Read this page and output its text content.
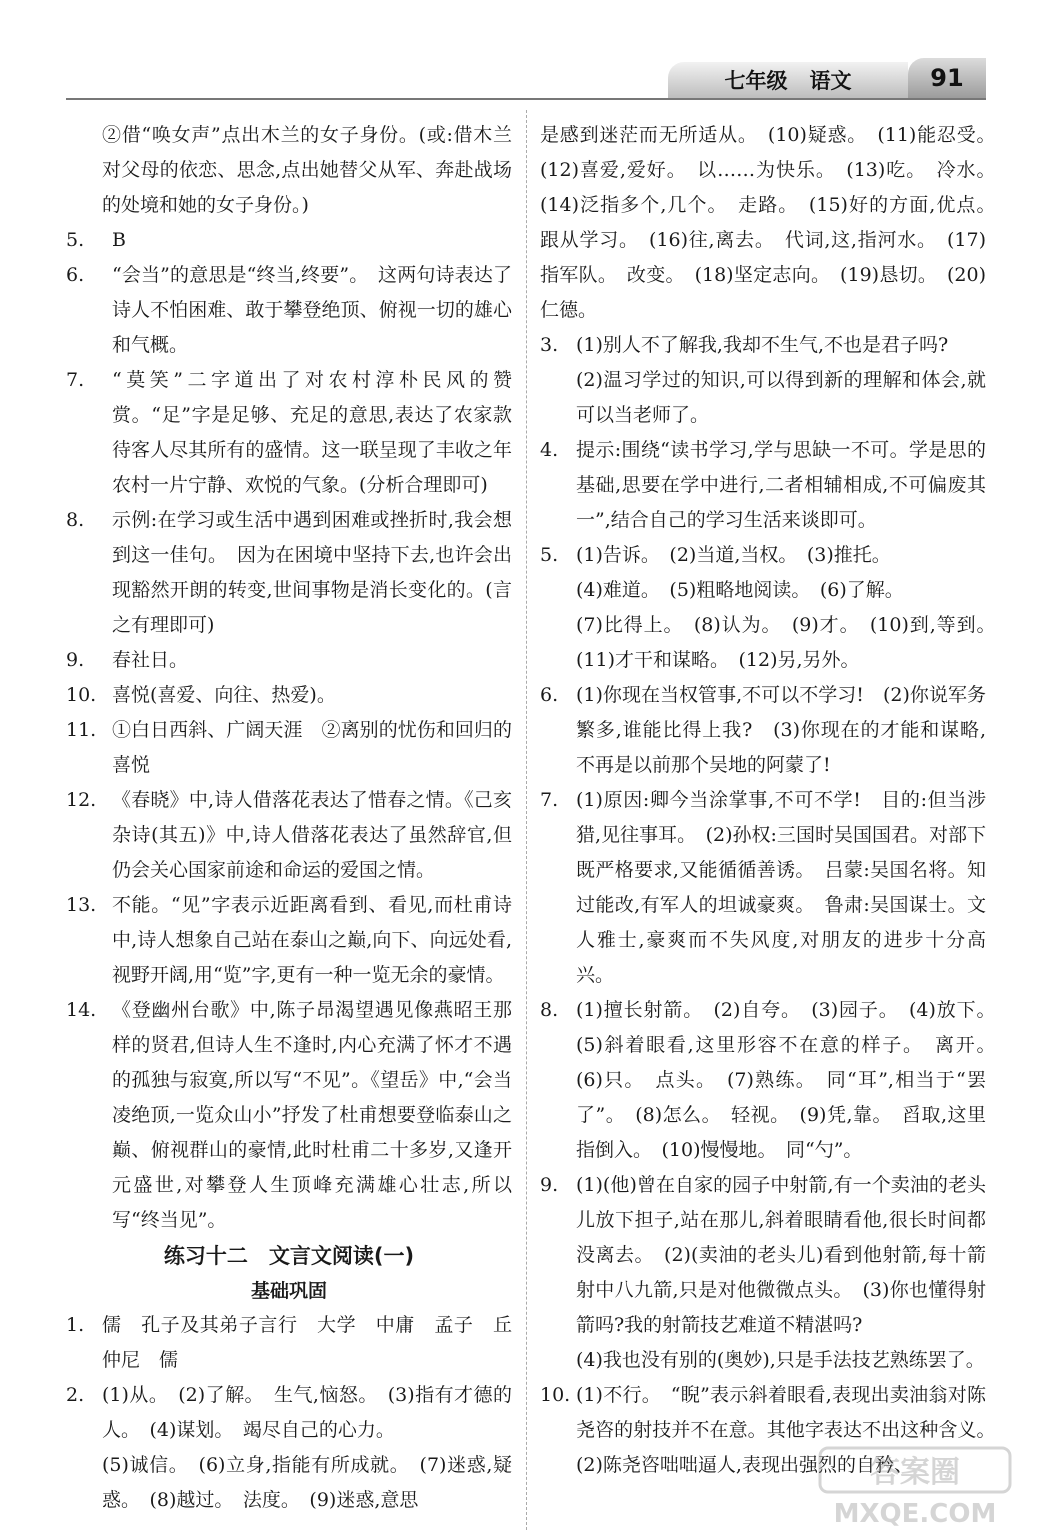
七年级 语文	91
②借“唤女声”点出木兰的女子身份。(或:借木兰对父母的依恋、思念,点出她替父从军、奔赴战场的处境和她的女子身份。)
5.	B
6.	“会当”的意思是“终当,终要”。　这两句诗表达了诗人不怕困难、敢于攀登绝顶、俯视一切的雄心和气概。
7.	“莫笑”二字道出了对农村淳朴民风的赞赏。“足”字是足够、充足的意思,表达了农家款待客人尽其所有的盛情。这一联呈现了丰收之年农村一片宁静、欢悦的气象。(分析合理即可)
8.	示例:在学习或生活中遇到困难或挫折时,我会想到这一佳句。　因为在困境中坚持下去,也许会出现豁然开朗的转变,世间事物是消长变化的。(言之有理即可)
9.	春社日。
10. 喜悦(喜爱、向往、热爱)。
11. ①白日西斜、广阔天涯　②离别的忧伤和回归的喜悦
12. 《春晓》中,诗人借落花表达了惜春之情。《己亥杂诗(其五)》中,诗人借落花表达了虽然辞官,但仍会关心国家前途和命运的爱国之情。
13. 不能。“见”字表示近距离看到、看见,而杜甫诗中,诗人想象自己站在泰山之巅,向下、向远处看,视野开阔,用“览”字,更有一种一览无余的豪情。
14. 《登幽州台歌》中,陈子昂渴望遇见像燕昭王那样的贤君,但诗人生不逢时,内心充满了怀才不遇的孤独与寂寞,所以写“不见”。《望岳》中,“会当凌绝顶,一览众山小”抒发了杜甫想要登临泰山之巅、俯视群山的豪情,此时杜甫二十多岁,又逢开元盛世,对攀登人生顶峰充满雄心壮志,所以写“终当见”。
练习十二　文言文阅读(一)
基础巩固
1. 儒　孔子及其弟子言行　大学　中庸　孟子　丘　仲尼　儒
2. (1)从。　(2)了解。　生气,恼怒。　(3)指有才德的人。　(4)谋划。　竭尽自己的心力。
(5)诚信。　(6)立身,指能有所成就。　(7)迷惑,疑惑。　(8)越过。　法度。　(9)迷惑,意思
是感到迷茫而无所适从。　(10)疑惑。　(11)能忍受。　(12)喜爱,爱好。　以……为快乐。　(13)吃。　冷水。　(14)泛指多个,几个。　走路。　(15)好的方面,优点。　跟从学习。　(16)往,离去。　代词,这,指河水。　(17)指军队。　改变。　(18)坚定志向。　(19)恳切。　(20)仁德。
3. (1)别人不了解我,我却不生气,不也是君子吗?
(2)温习学过的知识,可以得到新的理解和体会,就可以当老师了。
4. 提示:围绕“读书学习,学与思缺一不可。学是思的基础,思要在学中进行,二者相辅相成,不可偏废其一”,结合自己的学习生活来谈即可。
5. (1)告诉。　(2)当道,当权。　(3)推托。
(4)难道。　(5)粗略地阅读。　(6)了解。
(7)比得上。　(8)认为。　(9)才。　(10)到,等到。　(11)才干和谋略。　(12)另,另外。
6. (1)你现在当权管事,不可以不学习!　(2)你说军务繁多,谁能比得上我?　(3)你现在的才能和谋略,不再是以前那个吴地的阿蒙了!
7. (1)原因:卿今当涂掌事,不可不学!　目的:但当涉猎,见往事耳。　(2)孙权:三国时吴国国君。对部下既严格要求,又能循循善诱。　吕蒙:吴国名将。知过能改,有军人的坦诚豪爽。　鲁肃:吴国谋士。文人雅士,豪爽而不失风度,对朋友的进步十分高兴。
8. (1)擅长射箭。　(2)自夸。　(3)园子。　(4)放下。　(5)斜着眼看,这里形容不在意的样子。　离开。　(6)只。　点头。　(7)熟练。　同“耳”,相当于“罢了”。　(8)怎么。　轻视。　(9)凭,靠。　舀取,这里指倒入。　(10)慢慢地。　同“勺”。
9. (1)(他)曾在自家的园子中射箭,有一个卖油的老头儿放下担子,站在那儿,斜着眼睛看他,很长时间都没离去。　(2)(卖油的老头儿)看到他射箭,每十箭射中八九箭,只是对他微微点头。　(3)你也懂得射箭吗?我的射箭技艺难道不精湛吗?
(4)我也没有别的(奥妙),只是手法技艺熟练罢了。
10. (1)不行。　“睨”表示斜着眼看,表现出卖油翁对陈尧咨的射技并不在意。其他字表达不出这种含义。　(2)陈尧咨咄咄逼人,表现出强烈的自矜、
答案圈
MXQE.COM
